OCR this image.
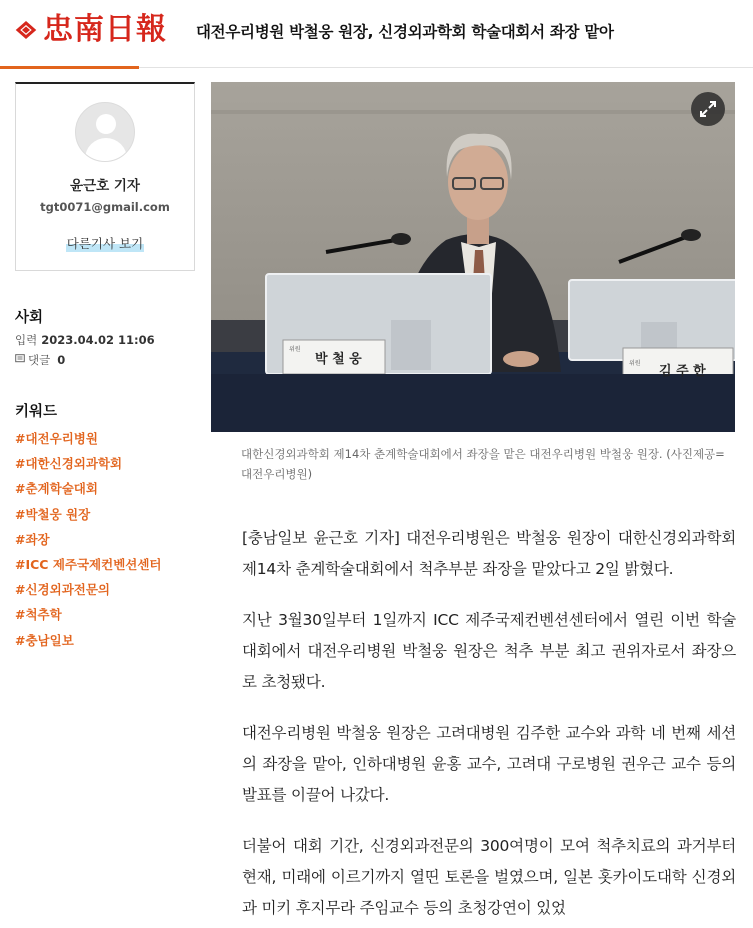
忠南日報 대전우리병원 박철웅 원장, 신경외과학회 학술대회서 좌장 맡아
윤근호 기자
tgt0071@gmail.com
다른기사 보기
사회
입력 2023.04.02 11:06
댓글 0
키워드
#대전우리병원
#대한신경외과학회
#춘계학술대회
#박철웅 원장
#좌장
#ICC 제주국제컨벤션센터
#신경외과전문의
#척추학
#충남일보
위원
박 철 웅	위원
김 주 한
대한신경외과학회 제14차 춘계학술대회에서 좌장을 맡은 대전우리병원 박철웅 원장. (사진제공=대전우리병원)

[충남일보 윤근호 기자] 대전우리병원은 박철웅 원장이 대한신경외과학회 제14차 춘계학술대회에서 척추부분 좌장을 맡았다고 2일 밝혔다.

지난 3월30일부터 1일까지 ICC 제주국제컨벤션센터에서 열린 이번 학술대회에서 대전우리병원 박철웅 원장은 척추 부분 최고 권위자로서 좌장으로 초청됐다.

대전우리병원 박철웅 원장은 고려대병원 김주한 교수와 과학 네 번째 세션의 좌장을 맡아, 인하대병원 윤홍 교수, 고려대 구로병원 권우근 교수 등의 발표를 이끌어 나갔다.

더불어 대회 기간, 신경외과전문의 300여명이 모여 척추치료의 과거부터 현재, 미래에 이르기까지 열띤 토론을 벌였으며, 일본 홋카이도대학 신경외과 미키 후지무라 주임교수 등의 초청강연이 있었
